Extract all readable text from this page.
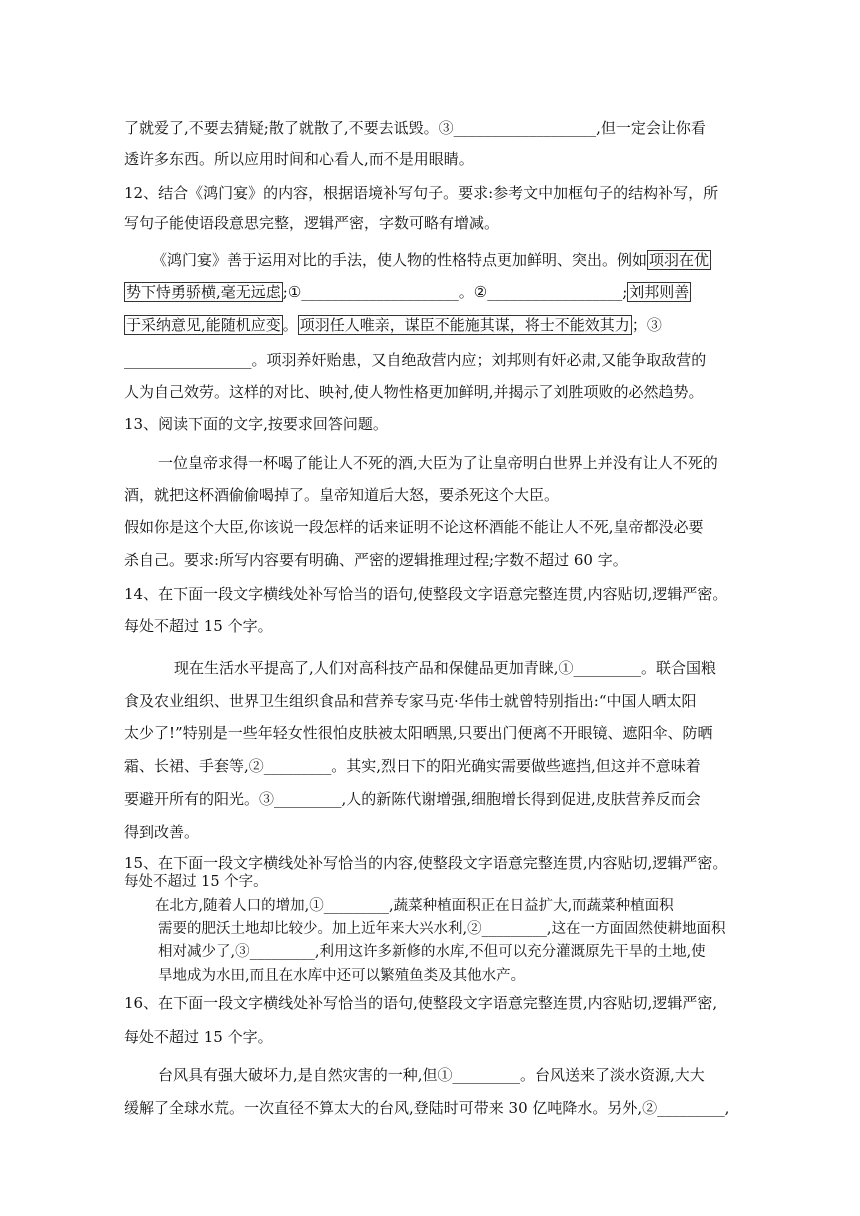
了就爱了,不要去猜疑;散了就散了,不要去诋毁。③___________________,但一定会让你看
透许多东西。所以应用时间和心看人,而不是用眼睛。
12、结合《鸿门宴》的内容，根据语境补写句子。要求:参考文中加框句子的结构补写，所
写句子能使语段意思完整，逻辑严密，字数可略有增减。
《鸿门宴》善于运用对比的手法，使人物的性格特点更加鲜明、突出。例如 项羽在优
势下恃勇骄横,毫无远虑 ;①_____________________。②__________________; 刘邦则善
于采纳意见,能随机应变 。 项羽任人唯亲，谋臣不能施其谋，将士不能效其力 ；③
_________________。项羽养奸贻患，又自绝敌营内应；刘邦则有奸必肃,又能争取敌营的
人为自己效劳。这样的对比、映衬,使人物性格更加鲜明,并揭示了刘胜项败的必然趋势。
13、阅读下面的文字,按要求回答问题。
一位皇帝求得一杯喝了能让人不死的酒,大臣为了让皇帝明白世界上并没有让人不死的
酒，就把这杯酒偷偷喝掉了。皇帝知道后大怒，要杀死这个大臣。
假如你是这个大臣,你该说一段怎样的话来证明不论这杯酒能不能让人不死,皇帝都没必要
杀自己。要求:所写内容要有明确、严密的逻辑推理过程;字数不超过 60 字。
14、在下面一段文字横线处补写恰当的语句,使整段文字语意完整连贯,内容贴切,逻辑严密。
每处不超过 15 个字。
现在生活水平提高了,人们对高科技产品和保健品更加青睐,①_________。联合国粮
食及农业组织、世界卫生组织食品和营养专家马克·华伟士就曾特别指出:“中国人晒太阳
太少了!”特别是一些年轻女性很怕皮肤被太阳晒黑,只要出门便离不开眼镜、遮阳伞、防晒
霜、长裙、手套等,②_________。其实,烈日下的阳光确实需要做些遮挡,但这并不意味着
要避开所有的阳光。③_________,人的新陈代谢增强,细胞增长得到促进,皮肤营养反而会
得到改善。
15、在下面一段文字横线处补写恰当的内容,使整段文字语意完整连贯,内容贴切,逻辑严密。
每处不超过 15 个字。
在北方,随着人口的增加,①_________,蔬菜种植面积正在日益扩大,而蔬菜种植面积
需要的肥沃土地却比较少。加上近年来大兴水利,②_________,这在一方面固然使耕地面积
相对减少了,③_________,利用这许多新修的水库,不但可以充分灌溉原先干旱的土地,使
旱地成为水田,而且在水库中还可以繁殖鱼类及其他水产。
16、在下面一段文字横线处补写恰当的语句,使整段文字语意完整连贯,内容贴切,逻辑严密,
每处不超过 15 个字。
台风具有强大破坏力,是自然灾害的一种,但①_________。台风送来了淡水资源,大大
缓解了全球水荒。一次直径不算太大的台风,登陆时可带来 30 亿吨降水。另外,②_________,
